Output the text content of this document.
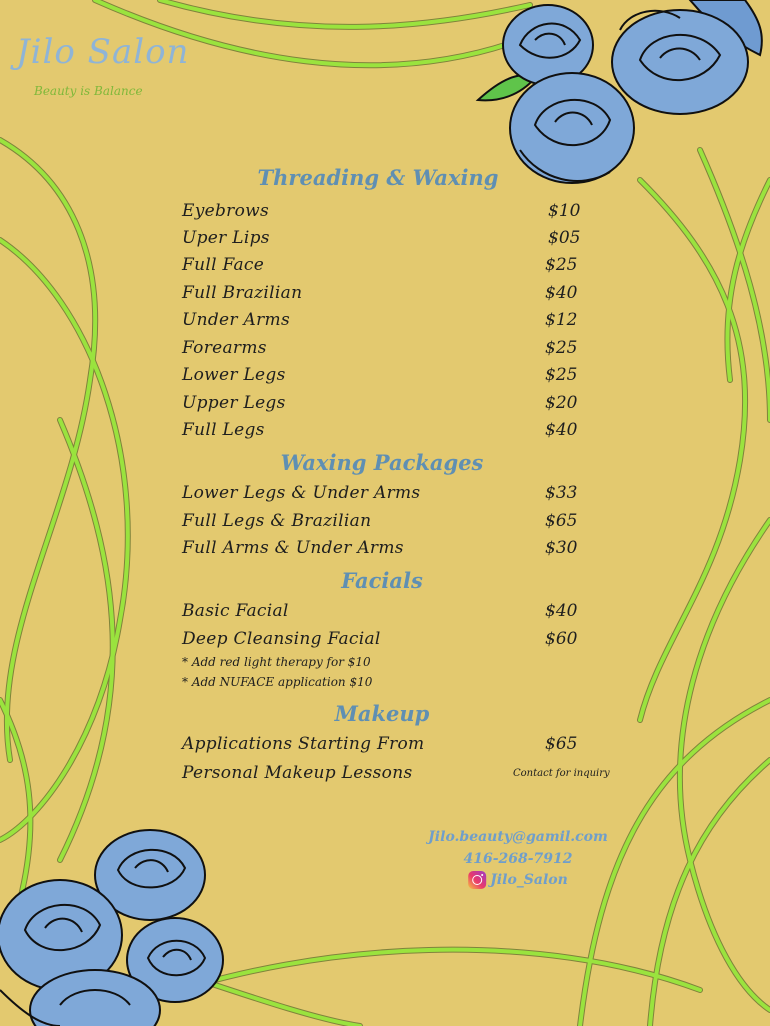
Jilo Salon
Beauty is Balance
Threading & Waxing
Eyebrows	$10
Uper Lips	$05
Full Face	$25
Full Brazilian	$40
Under Arms	$12
Forearms	$25
Lower Legs	$25
Upper Legs	$20
Full Legs	$40
Waxing Packages
Lower Legs & Under Arms	$33
Full Legs & Brazilian	$65
Full Arms & Under Arms	$30
Facials
Basic Facial	$40
Deep Cleansing Facial	$60
* Add red light therapy for $10
* Add NUFACE application $10
Makeup
Applications Starting From	$65
Personal Makeup Lessons	Contact for inquiry
Jilo.beauty@gamil.com
416-268-7912
Jilo_Salon
